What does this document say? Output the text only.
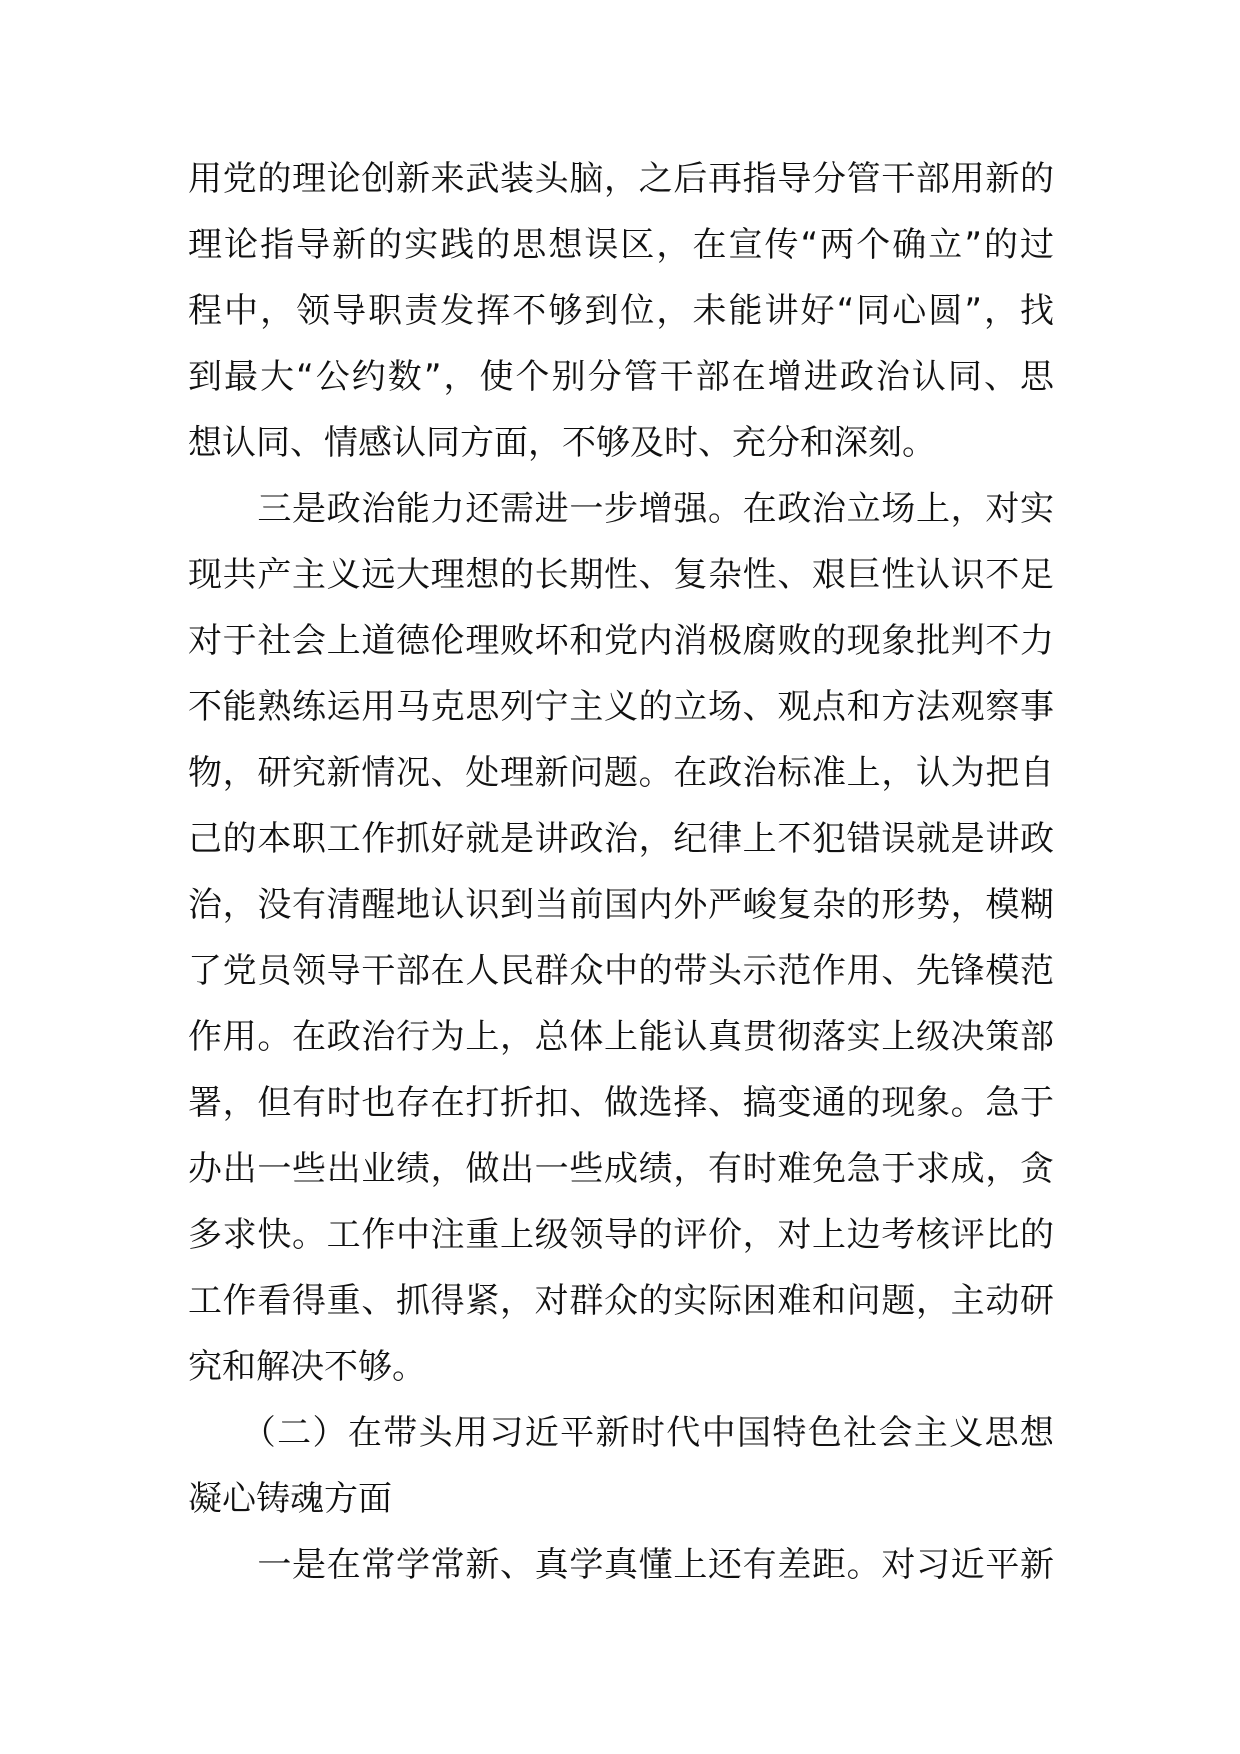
用党的理论创新来武装头脑，之后再指导分管干部用新的
理论指导新的实践的思想误区，在宣传“两个确立”的过
程中，领导职责发挥不够到位，未能讲好“同心圆”，找
到最大“公约数”，使个别分管干部在增进政治认同、思
想认同、情感认同方面，不够及时、充分和深刻。
　　三是政治能力还需进一步增强。在政治立场上，对实
现共产主义远大理想的长期性、复杂性、艰巨性认识不足
对于社会上道德伦理败坏和党内消极腐败的现象批判不力
不能熟练运用马克思列宁主义的立场、观点和方法观察事
物，研究新情况、处理新问题。在政治标准上，认为把自
己的本职工作抓好就是讲政治，纪律上不犯错误就是讲政
治，没有清醒地认识到当前国内外严峻复杂的形势，模糊
了党员领导干部在人民群众中的带头示范作用、先锋模范
作用。在政治行为上，总体上能认真贯彻落实上级决策部
署，但有时也存在打折扣、做选择、搞变通的现象。急于
办出一些出业绩，做出一些成绩，有时难免急于求成，贪
多求快。工作中注重上级领导的评价，对上边考核评比的
工作看得重、抓得紧，对群众的实际困难和问题，主动研
究和解决不够。
　　（二）在带头用习近平新时代中国特色社会主义思想
凝心铸魂方面
　　一是在常学常新、真学真懂上还有差距。对习近平新
